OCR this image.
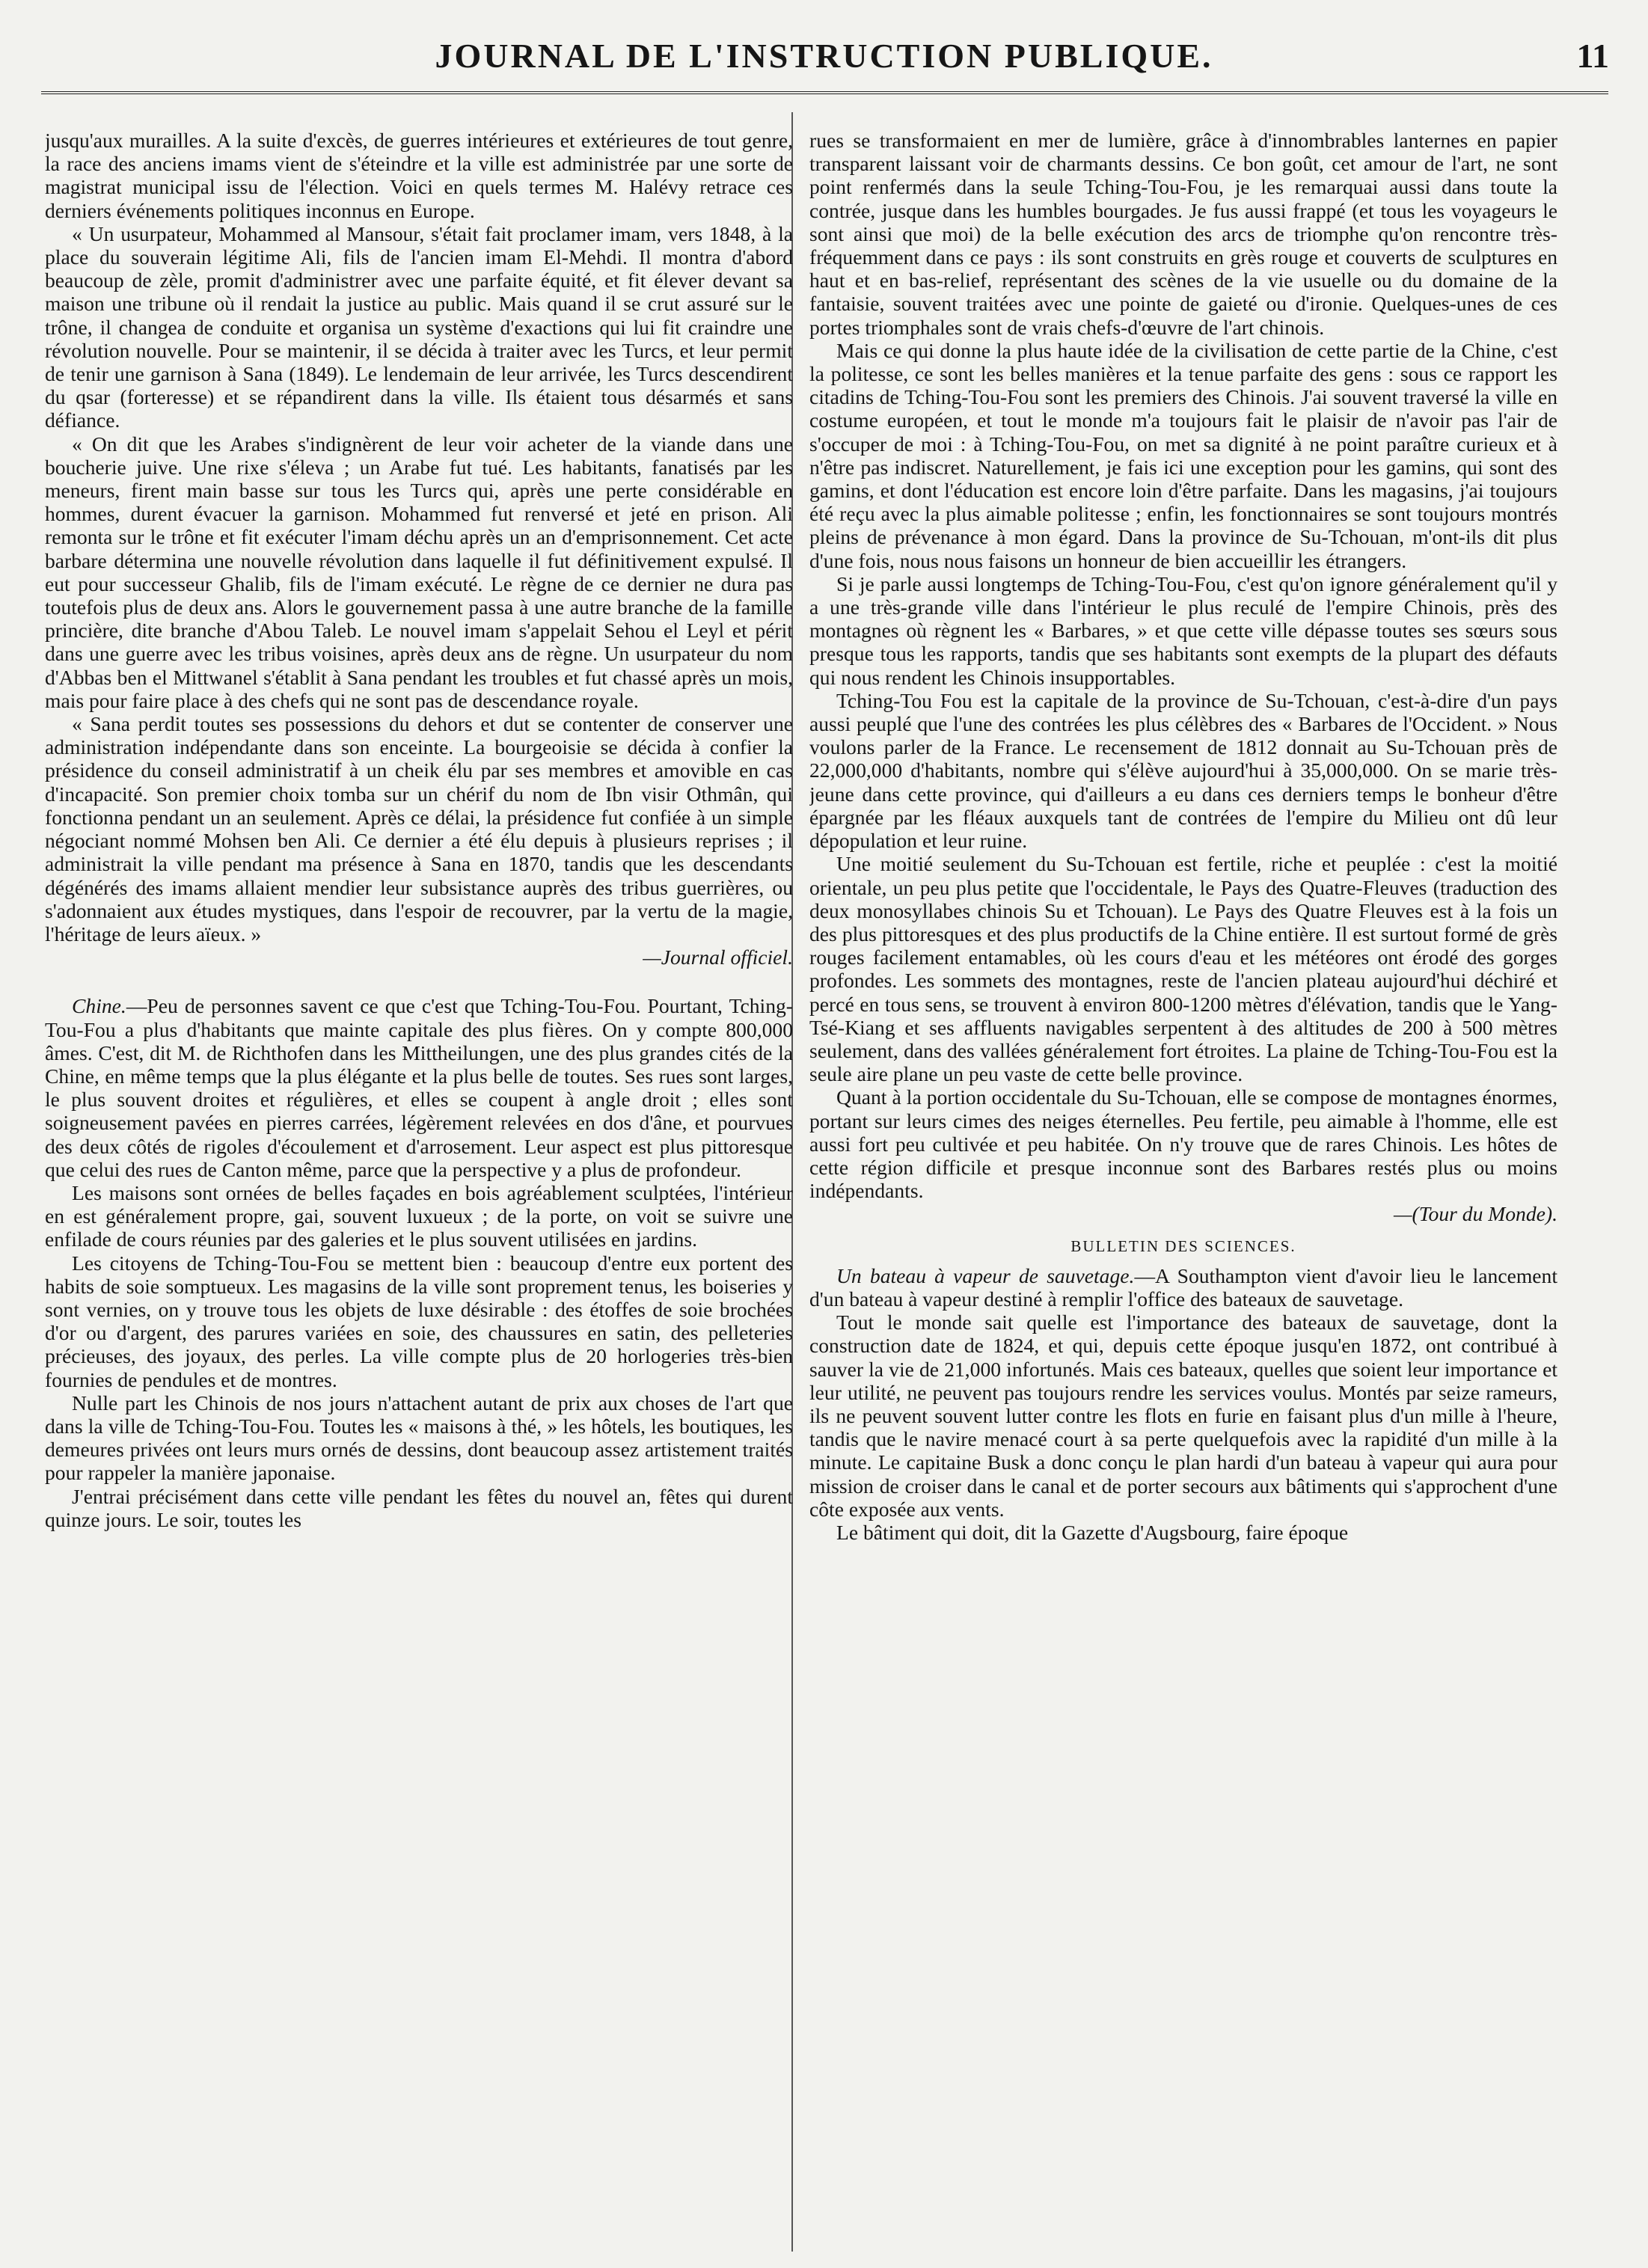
JOURNAL DE L'INSTRUCTION PUBLIQUE.	11

jusqu'aux murailles. A la suite d'excès, de guerres intérieures et extérieures de tout genre, la race des anciens imams vient de s'éteindre et la ville est administrée par une sorte de magistrat municipal issu de l'élection. Voici en quels termes M. Halévy retrace ces derniers événements politiques inconnus en Europe.

« Un usurpateur, Mohammed al Mansour, s'était fait proclamer imam, vers 1848, à la place du souverain légitime Ali, fils de l'ancien imam El-Mehdi. Il montra d'abord beaucoup de zèle, promit d'administrer avec une parfaite équité, et fit élever devant sa maison une tribune où il rendait la justice au public. Mais quand il se crut assuré sur le trône, il changea de conduite et organisa un système d'exactions qui lui fit craindre une révolution nouvelle. Pour se maintenir, il se décida à traiter avec les Turcs, et leur permit de tenir une garnison à Sana (1849). Le lendemain de leur arrivée, les Turcs descendirent du qsar (forteresse) et se répandirent dans la ville. Ils étaient tous désarmés et sans défiance.

« On dit que les Arabes s'indignèrent de leur voir acheter de la viande dans une boucherie juive. Une rixe s'éleva ; un Arabe fut tué. Les habitants, fanatisés par les meneurs, firent main basse sur tous les Turcs qui, après une perte considérable en hommes, durent évacuer la garnison. Mohammed fut renversé et jeté en prison. Ali remonta sur le trône et fit exécuter l'imam déchu après un an d'emprisonnement. Cet acte barbare détermina une nouvelle révolution dans laquelle il fut définitivement expulsé. Il eut pour successeur Ghalib, fils de l'imam exécuté. Le règne de ce dernier ne dura pas toutefois plus de deux ans. Alors le gouvernement passa à une autre branche de la famille princière, dite branche d'Abou Taleb. Le nouvel imam s'appelait Sehou el Leyl et périt dans une guerre avec les tribus voisines, après deux ans de règne. Un usurpateur du nom d'Abbas ben el Mittwanel s'établit à Sana pendant les troubles et fut chassé après un mois, mais pour faire place à des chefs qui ne sont pas de descendance royale.

« Sana perdit toutes ses possessions du dehors et dut se contenter de conserver une administration indépendante dans son enceinte. La bourgeoisie se décida à confier la présidence du conseil administratif à un cheik élu par ses membres et amovible en cas d'incapacité. Son premier choix tomba sur un chérif du nom de Ibn visir Othmân, qui fonctionna pendant un an seulement. Après ce délai, la présidence fut confiée à un simple négociant nommé Mohsen ben Ali. Ce dernier a été élu depuis à plusieurs reprises ; il administrait la ville pendant ma présence à Sana en 1870, tandis que les descendants dégénérés des imams allaient mendier leur subsistance auprès des tribus guerrières, ou s'adonnaient aux études mystiques, dans l'espoir de recouvrer, par la vertu de la magie, l'héritage de leurs aïeux. »

—Journal officiel.

Chine.—Peu de personnes savent ce que c'est que Tching-Tou-Fou. Pourtant, Tching-Tou-Fou a plus d'habitants que mainte capitale des plus fières. On y compte 800,000 âmes. C'est, dit M. de Richthofen dans les Mittheilungen, une des plus grandes cités de la Chine, en même temps que la plus élégante et la plus belle de toutes. Ses rues sont larges, le plus souvent droites et régulières, et elles se coupent à angle droit ; elles sont soigneusement pavées en pierres carrées, légèrement relevées en dos d'âne, et pourvues des deux côtés de rigoles d'écoulement et d'arrosement. Leur aspect est plus pittoresque que celui des rues de Canton même, parce que la perspective y a plus de profondeur.

Les maisons sont ornées de belles façades en bois agréablement sculptées, l'intérieur en est généralement propre, gai, souvent luxueux ; de la porte, on voit se suivre une enfilade de cours réunies par des galeries et le plus souvent utilisées en jardins.

Les citoyens de Tching-Tou-Fou se mettent bien : beaucoup d'entre eux portent des habits de soie somptueux. Les magasins de la ville sont proprement tenus, les boiseries y sont vernies, on y trouve tous les objets de luxe désirable : des étoffes de soie brochées d'or ou d'argent, des parures variées en soie, des chaussures en satin, des pelleteries précieuses, des joyaux, des perles. La ville compte plus de 20 horlogeries très-bien fournies de pendules et de montres.

Nulle part les Chinois de nos jours n'attachent autant de prix aux choses de l'art que dans la ville de Tching-Tou-Fou. Toutes les « maisons à thé, » les hôtels, les boutiques, les demeures privées ont leurs murs ornés de dessins, dont beaucoup assez artistement traités pour rappeler la manière japonaise.

J'entrai précisément dans cette ville pendant les fêtes du nouvel an, fêtes qui durent quinze jours. Le soir, toutes les

rues se transformaient en mer de lumière, grâce à d'innombrables lanternes en papier transparent laissant voir de charmants dessins. Ce bon goût, cet amour de l'art, ne sont point renfermés dans la seule Tching-Tou-Fou, je les remarquai aussi dans toute la contrée, jusque dans les humbles bourgades. Je fus aussi frappé (et tous les voyageurs le sont ainsi que moi) de la belle exécution des arcs de triomphe qu'on rencontre très-fréquemment dans ce pays : ils sont construits en grès rouge et couverts de sculptures en haut et en bas-relief, représentant des scènes de la vie usuelle ou du domaine de la fantaisie, souvent traitées avec une pointe de gaieté ou d'ironie. Quelques-unes de ces portes triomphales sont de vrais chefs-d'œuvre de l'art chinois.

Mais ce qui donne la plus haute idée de la civilisation de cette partie de la Chine, c'est la politesse, ce sont les belles manières et la tenue parfaite des gens : sous ce rapport les citadins de Tching-Tou-Fou sont les premiers des Chinois. J'ai souvent traversé la ville en costume européen, et tout le monde m'a toujours fait le plaisir de n'avoir pas l'air de s'occuper de moi : à Tching-Tou-Fou, on met sa dignité à ne point paraître curieux et à n'être pas indiscret. Naturellement, je fais ici une exception pour les gamins, qui sont des gamins, et dont l'éducation est encore loin d'être parfaite. Dans les magasins, j'ai toujours été reçu avec la plus aimable politesse ; enfin, les fonctionnaires se sont toujours montrés pleins de prévenance à mon égard. Dans la province de Su-Tchouan, m'ont-ils dit plus d'une fois, nous nous faisons un honneur de bien accueillir les étrangers.

Si je parle aussi longtemps de Tching-Tou-Fou, c'est qu'on ignore généralement qu'il y a une très-grande ville dans l'intérieur le plus reculé de l'empire Chinois, près des montagnes où règnent les « Barbares, » et que cette ville dépasse toutes ses sœurs sous presque tous les rapports, tandis que ses habitants sont exempts de la plupart des défauts qui nous rendent les Chinois insupportables.

Tching-Tou Fou est la capitale de la province de Su-Tchouan, c'est-à-dire d'un pays aussi peuplé que l'une des contrées les plus célèbres des « Barbares de l'Occident. » Nous voulons parler de la France. Le recensement de 1812 donnait au Su-Tchouan près de 22,000,000 d'habitants, nombre qui s'élève aujourd'hui à 35,000,000. On se marie très-jeune dans cette province, qui d'ailleurs a eu dans ces derniers temps le bonheur d'être épargnée par les fléaux auxquels tant de contrées de l'empire du Milieu ont dû leur dépopulation et leur ruine.

Une moitié seulement du Su-Tchouan est fertile, riche et peuplée : c'est la moitié orientale, un peu plus petite que l'occidentale, le Pays des Quatre-Fleuves (traduction des deux monosyllabes chinois Su et Tchouan). Le Pays des Quatre Fleuves est à la fois un des plus pittoresques et des plus productifs de la Chine entière. Il est surtout formé de grès rouges facilement entamables, où les cours d'eau et les météores ont érodé des gorges profondes. Les sommets des montagnes, reste de l'ancien plateau aujourd'hui déchiré et percé en tous sens, se trouvent à environ 800-1200 mètres d'élévation, tandis que le Yang-Tsé-Kiang et ses affluents navigables serpentent à des altitudes de 200 à 500 mètres seulement, dans des vallées généralement fort étroites. La plaine de Tching-Tou-Fou est la seule aire plane un peu vaste de cette belle province.

Quant à la portion occidentale du Su-Tchouan, elle se compose de montagnes énormes, portant sur leurs cimes des neiges éternelles. Peu fertile, peu aimable à l'homme, elle est aussi fort peu cultivée et peu habitée. On n'y trouve que de rares Chinois. Les hôtes de cette région difficile et presque inconnue sont des Barbares restés plus ou moins indépendants.

—(Tour du Monde).

BULLETIN DES SCIENCES.

Un bateau à vapeur de sauvetage.—A Southampton vient d'avoir lieu le lancement d'un bateau à vapeur destiné à remplir l'office des bateaux de sauvetage.

Tout le monde sait quelle est l'importance des bateaux de sauvetage, dont la construction date de 1824, et qui, depuis cette époque jusqu'en 1872, ont contribué à sauver la vie de 21,000 infortunés. Mais ces bateaux, quelles que soient leur importance et leur utilité, ne peuvent pas toujours rendre les services voulus. Montés par seize rameurs, ils ne peuvent souvent lutter contre les flots en furie en faisant plus d'un mille à l'heure, tandis que le navire menacé court à sa perte quelquefois avec la rapidité d'un mille à la minute. Le capitaine Busk a donc conçu le plan hardi d'un bateau à vapeur qui aura pour mission de croiser dans le canal et de porter secours aux bâtiments qui s'approchent d'une côte exposée aux vents.

Le bâtiment qui doit, dit la Gazette d'Augsbourg, faire époque
